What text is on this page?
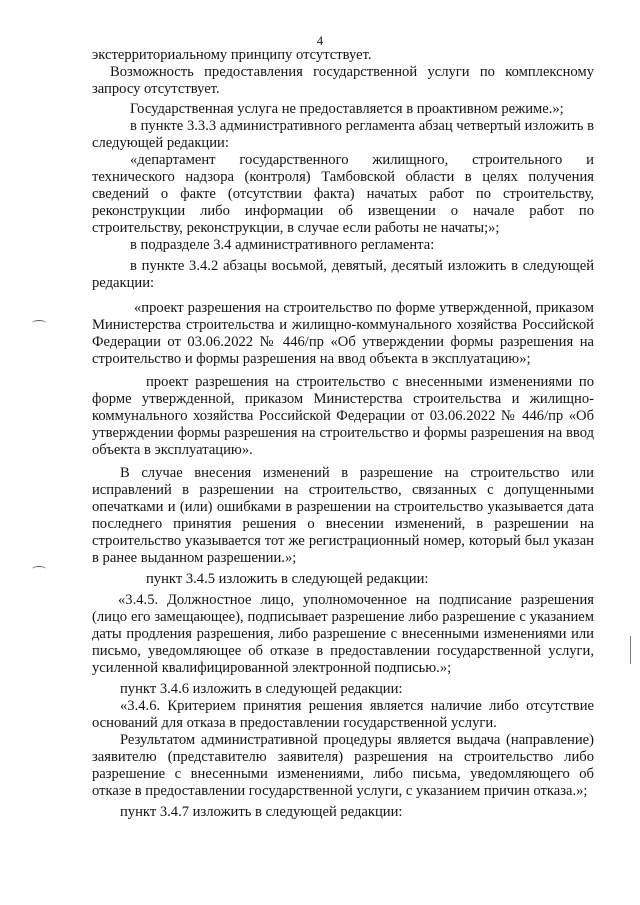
4

экстерриториальному принципу отсутствует.

Возможность предоставления государственной услуги по комплексному запросу отсутствует.

Государственная услуга не предоставляется в проактивном режиме.»;

в пункте 3.3.3 административного регламента абзац четвертый изложить в следующей редакции:

«департамент государственного жилищного, строительного и технического надзора (контроля) Тамбовской области в целях получения сведений о факте (отсутствии факта) начатых работ по строительству, реконструкции либо информации об извещении о начале работ по строительству, реконструкции, в случае если работы не начаты;»;

в подразделе 3.4 административного регламента:

в пункте 3.4.2 абзацы восьмой, девятый, десятый изложить в следующей редакции:

«проект разрешения на строительство по форме утвержденной, приказом Министерства строительства и жилищно-коммунального хозяйства Российской Федерации от 03.06.2022 № 446/пр «Об утверждении формы разрешения на строительство и формы разрешения на ввод объекта в эксплуатацию»;

проект разрешения на строительство с внесенными изменениями по форме утвержденной, приказом Министерства строительства и жилищно-коммунального хозяйства Российской Федерации от 03.06.2022 № 446/пр «Об утверждении формы разрешения на строительство и формы разрешения на ввод объекта в эксплуатацию».

В случае внесения изменений в разрешение на строительство или исправлений в разрешении на строительство, связанных с допущенными опечатками и (или) ошибками в разрешении на строительство указывается дата последнего принятия решения о внесении изменений, в разрешении на строительство указывается тот же регистрационный номер, который был указан в ранее выданном разрешении.»;

пункт 3.4.5 изложить в следующей редакции:

«3.4.5. Должностное лицо, уполномоченное на подписание разрешения (лицо его замещающее), подписывает разрешение либо разрешение с указанием даты продления разрешения, либо разрешение с внесенными изменениями или письмо, уведомляющее об отказе в предоставлении государственной услуги, усиленной квалифицированной электронной подписью.»;

пункт 3.4.6 изложить в следующей редакции:

«3.4.6. Критерием принятия решения является наличие либо отсутствие оснований для отказа в предоставлении государственной услуги.

Результатом административной процедуры является выдача (направление) заявителю (представителю заявителя) разрешения на строительство либо разрешение с внесенными изменениями, либо письма, уведомляющего об отказе в предоставлении государственной услуги, с указанием причин отказа.»;

пункт 3.4.7 изложить в следующей редакции:
